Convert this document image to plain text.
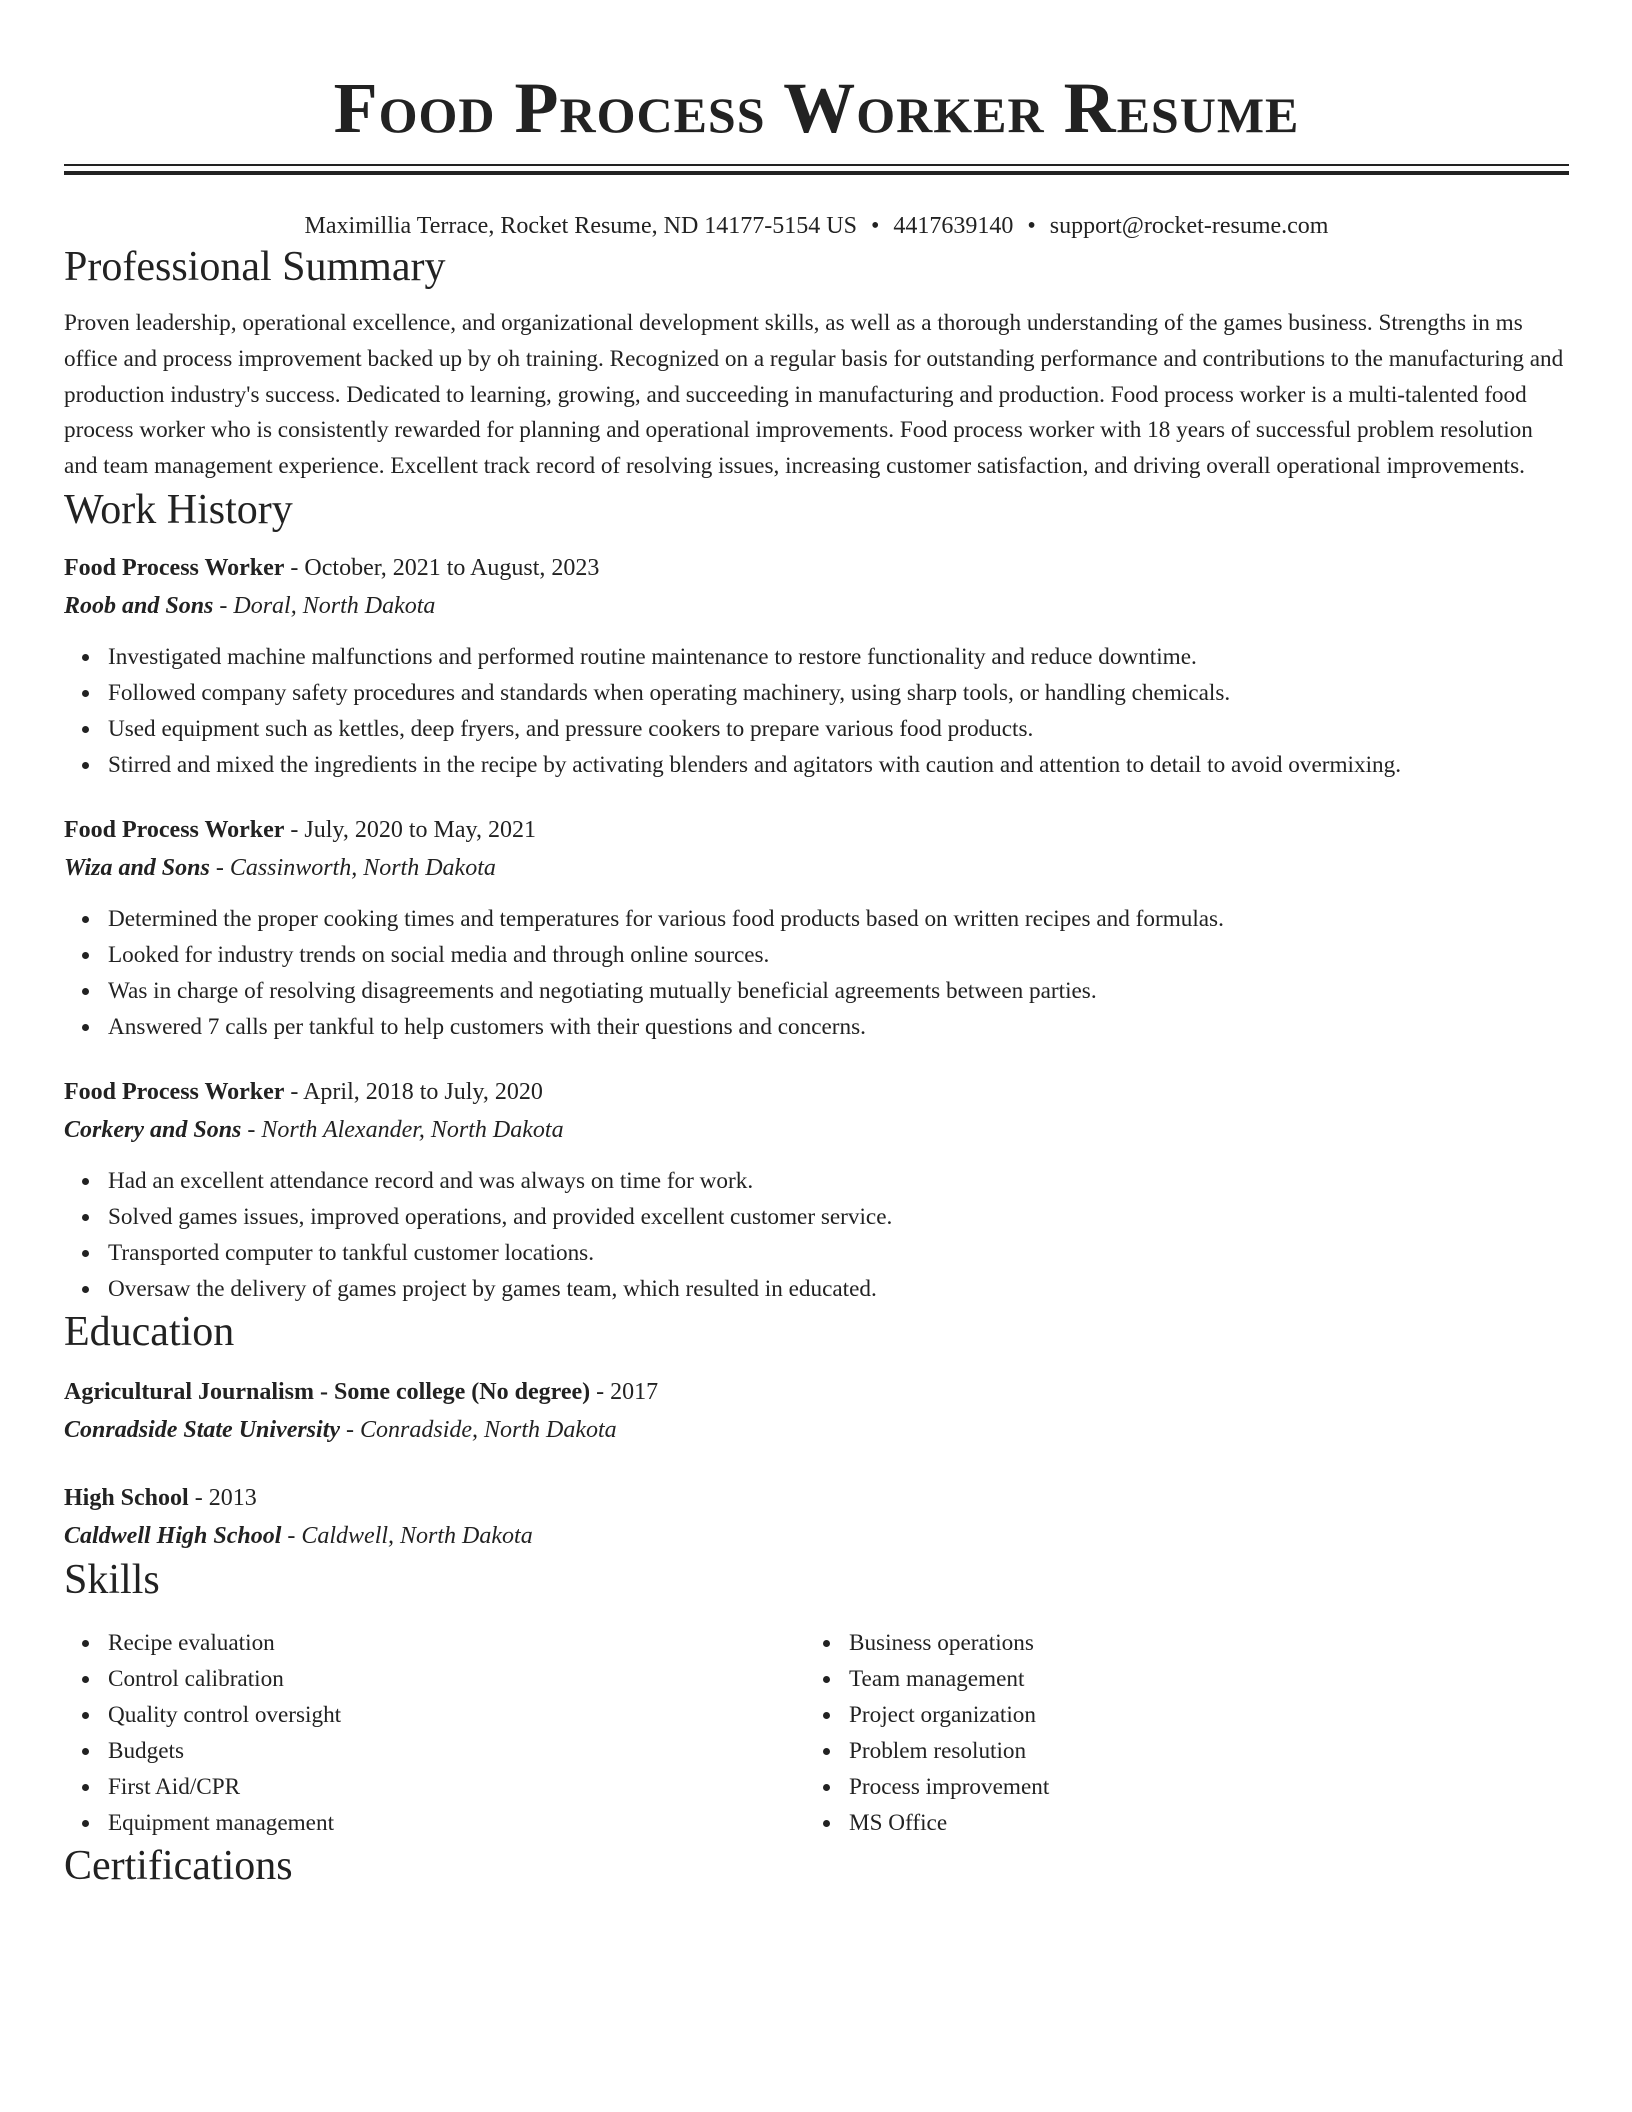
Food Process Worker Resume
Maximillia Terrace, Rocket Resume, ND 14177-5154 US • 4417639140 • support@rocket-resume.com
Professional Summary
Proven leadership, operational excellence, and organizational development skills, as well as a thorough understanding of the games business. Strengths in ms office and process improvement backed up by oh training. Recognized on a regular basis for outstanding performance and contributions to the manufacturing and production industry's success. Dedicated to learning, growing, and succeeding in manufacturing and production. Food process worker is a multi-talented food process worker who is consistently rewarded for planning and operational improvements. Food process worker with 18 years of successful problem resolution and team management experience. Excellent track record of resolving issues, increasing customer satisfaction, and driving overall operational improvements.
Work History
Food Process Worker - October, 2021 to August, 2023
Roob and Sons - Doral, North Dakota
Investigated machine malfunctions and performed routine maintenance to restore functionality and reduce downtime.
Followed company safety procedures and standards when operating machinery, using sharp tools, or handling chemicals.
Used equipment such as kettles, deep fryers, and pressure cookers to prepare various food products.
Stirred and mixed the ingredients in the recipe by activating blenders and agitators with caution and attention to detail to avoid overmixing.
Food Process Worker - July, 2020 to May, 2021
Wiza and Sons - Cassinworth, North Dakota
Determined the proper cooking times and temperatures for various food products based on written recipes and formulas.
Looked for industry trends on social media and through online sources.
Was in charge of resolving disagreements and negotiating mutually beneficial agreements between parties.
Answered 7 calls per tankful to help customers with their questions and concerns.
Food Process Worker - April, 2018 to July, 2020
Corkery and Sons - North Alexander, North Dakota
Had an excellent attendance record and was always on time for work.
Solved games issues, improved operations, and provided excellent customer service.
Transported computer to tankful customer locations.
Oversaw the delivery of games project by games team, which resulted in educated.
Education
Agricultural Journalism - Some college (No degree) - 2017
Conradside State University - Conradside, North Dakota
High School - 2013
Caldwell High School - Caldwell, North Dakota
Skills
Recipe evaluation
Control calibration
Quality control oversight
Budgets
First Aid/CPR
Equipment management
Business operations
Team management
Project organization
Problem resolution
Process improvement
MS Office
Certifications
